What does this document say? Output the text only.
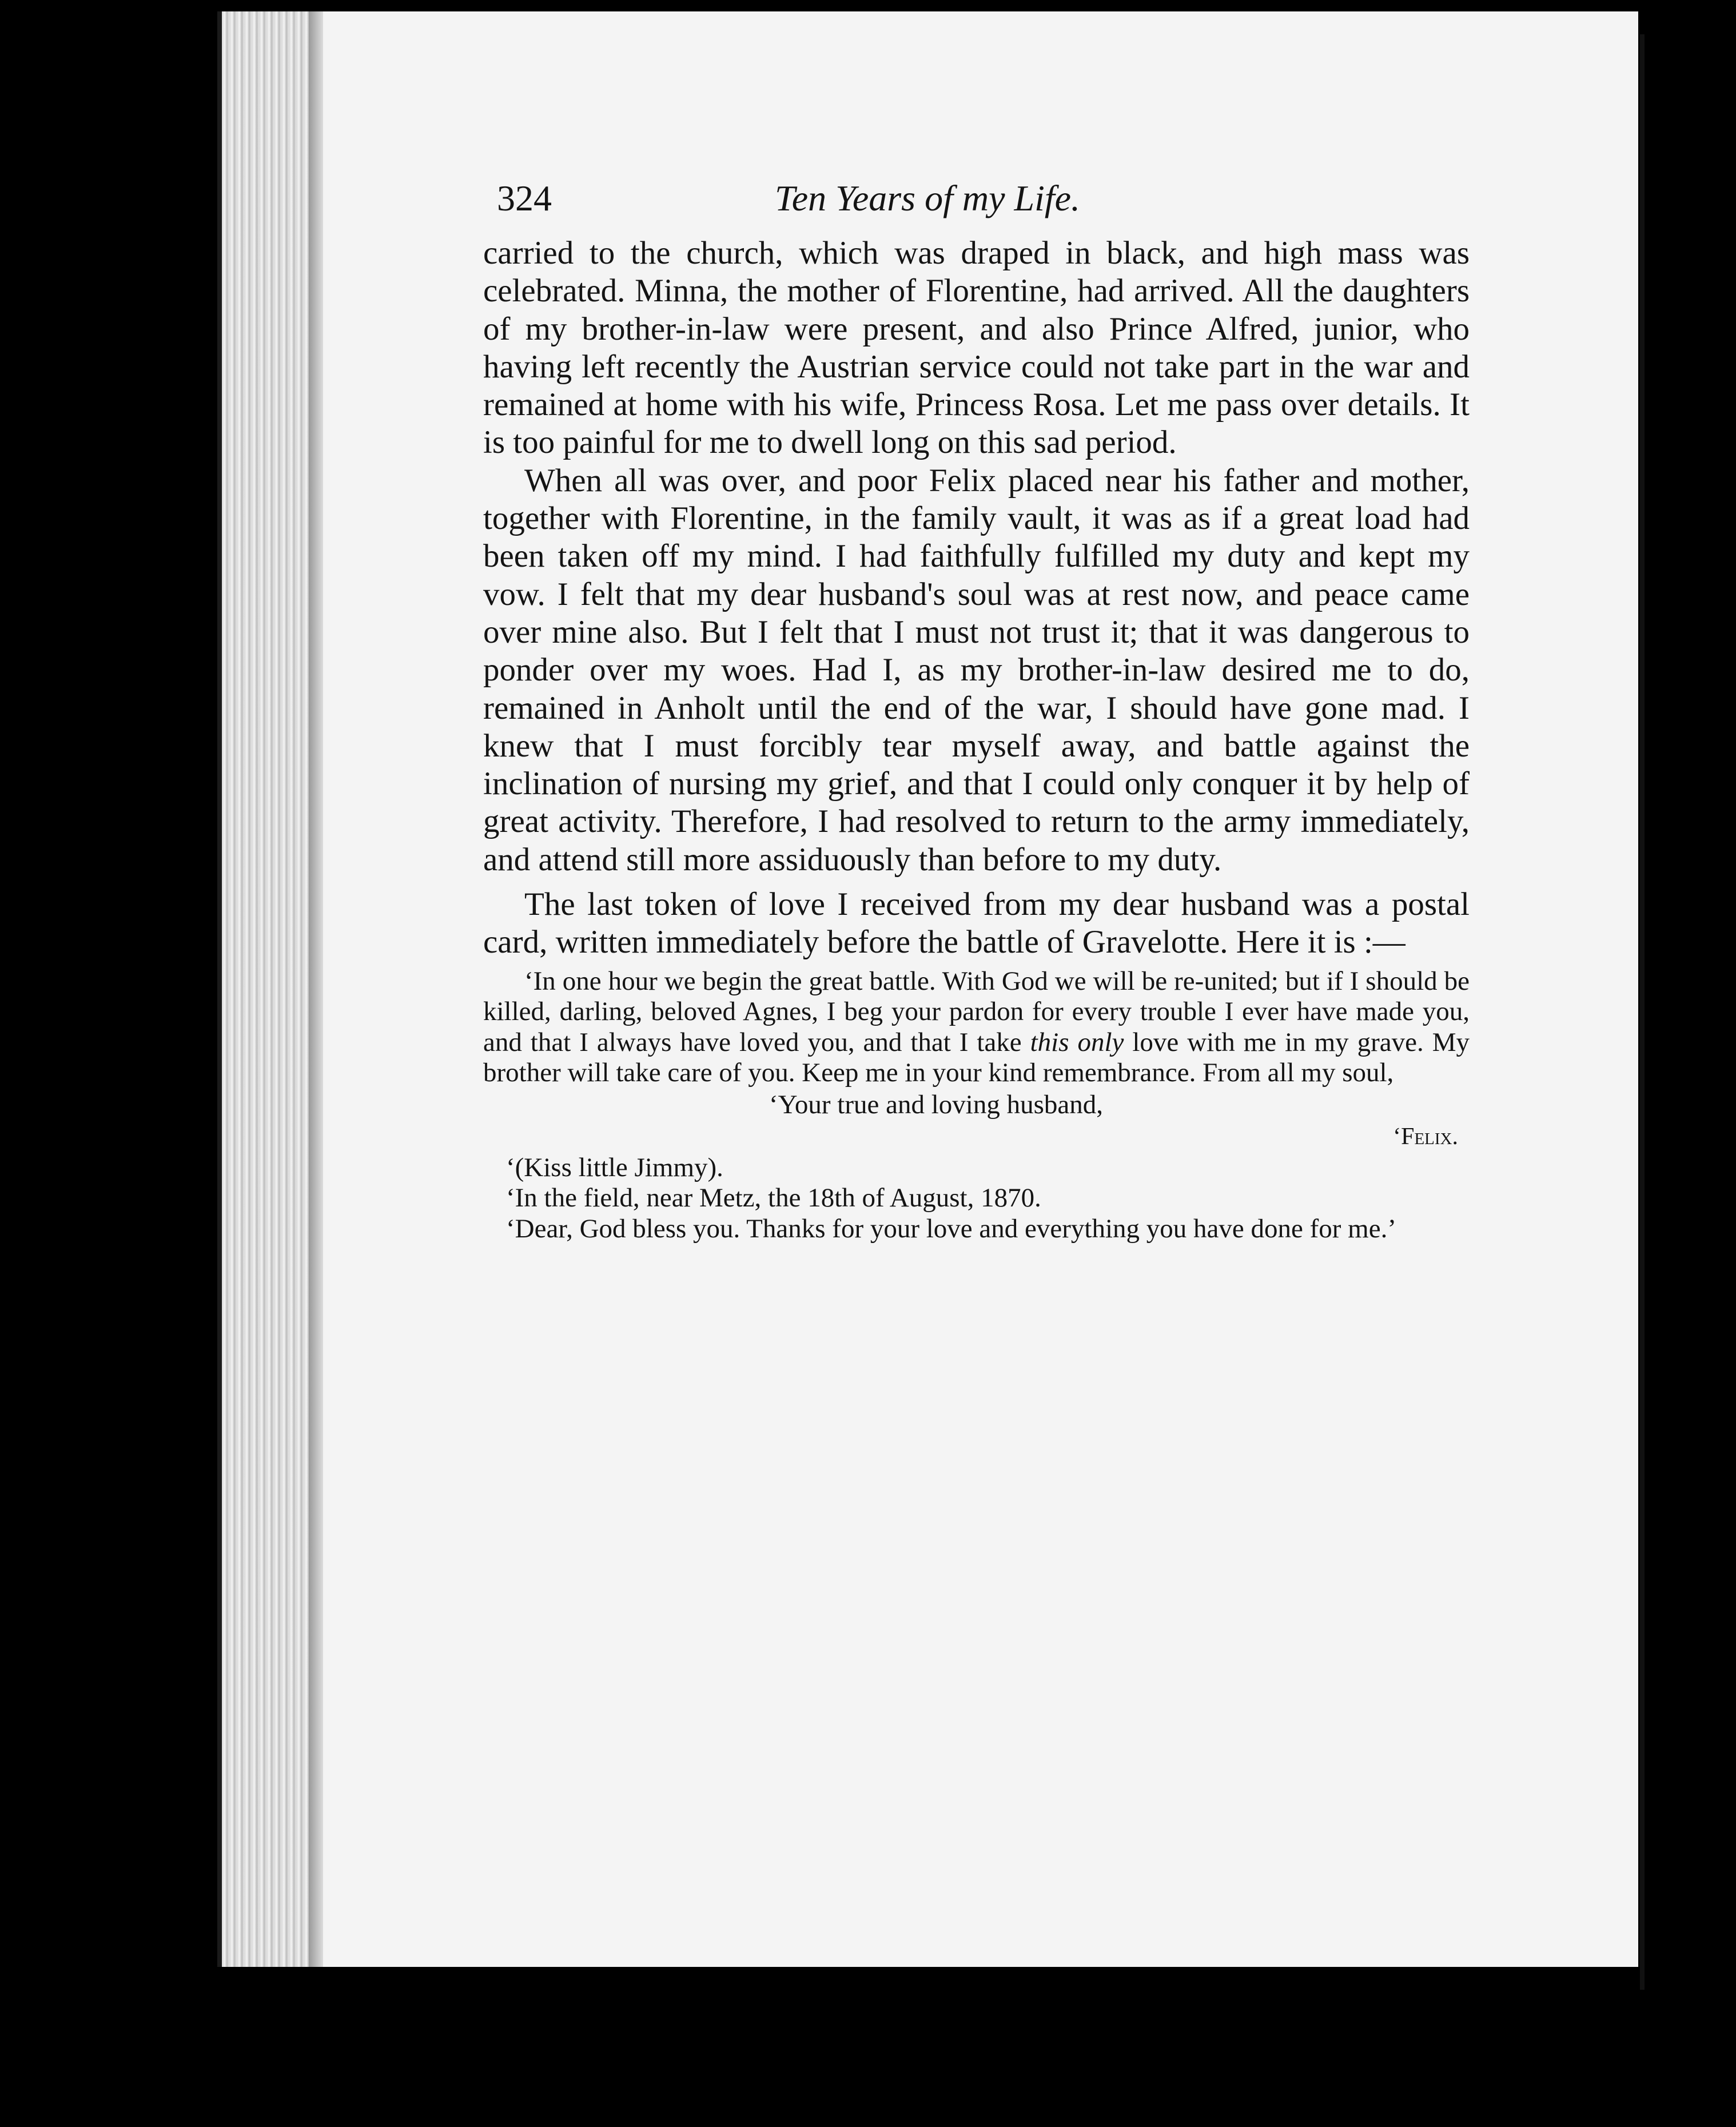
324	Ten Years of my Life.

carried to the church, which was draped in black, and high mass was celebrated. Minna, the mother of Florentine, had arrived. All the daughters of my brother-in-law were present, and also Prince Alfred, junior, who having left recently the Austrian service could not take part in the war and remained at home with his wife, Princess Rosa. Let me pass over details. It is too painful for me to dwell long on this sad period.

When all was over, and poor Felix placed near his father and mother, together with Florentine, in the family vault, it was as if a great load had been taken off my mind. I had faithfully fulfilled my duty and kept my vow. I felt that my dear husband's soul was at rest now, and peace came over mine also. But I felt that I must not trust it; that it was dangerous to ponder over my woes. Had I, as my brother-in-law desired me to do, remained in Anholt until the end of the war, I should have gone mad. I knew that I must forcibly tear myself away, and battle against the inclination of nursing my grief, and that I could only conquer it by help of great activity. Therefore, I had resolved to return to the army immediately, and attend still more assiduously than before to my duty.

The last token of love I received from my dear husband was a postal card, written immediately before the battle of Gravelotte. Here it is :—

‘In one hour we begin the great battle. With God we will be re-united; but if I should be killed, darling, beloved Agnes, I beg your pardon for every trouble I ever have made you, and that I always have loved you, and that I take this only love with me in my grave. My brother will take care of you. Keep me in your kind remembrance. From all my soul,

‘Your true and loving husband,

‘Felix.

‘(Kiss little Jimmy).

‘In the field, near Metz, the 18th of August, 1870.

‘Dear, God bless you. Thanks for your love and everything you have done for me.’
